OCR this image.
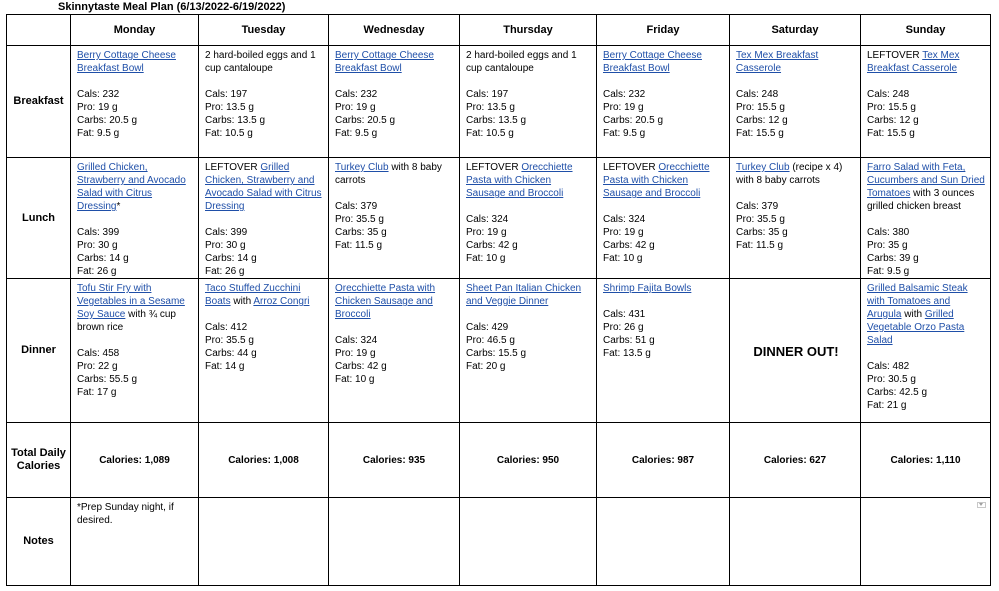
Skinnytaste Meal Plan (6/13/2022-6/19/2022)
	Monday	Tuesday	Wednesday	Thursday	Friday	Saturday	Sunday
Breakfast	Berry Cottage Cheese Breakfast Bowl
Cals: 232
Pro: 19 g
Carbs: 20.5 g
Fat: 9.5 g	2 hard-boiled eggs and 1 cup cantaloupe
Cals: 197
Pro: 13.5 g
Carbs: 13.5 g
Fat: 10.5 g	Berry Cottage Cheese Breakfast Bowl
Cals: 232
Pro: 19 g
Carbs: 20.5 g
Fat: 9.5 g	2 hard-boiled eggs and 1 cup cantaloupe
Cals: 197
Pro: 13.5 g
Carbs: 13.5 g
Fat: 10.5 g	Berry Cottage Cheese Breakfast Bowl
Cals: 232
Pro: 19 g
Carbs: 20.5 g
Fat: 9.5 g	Tex Mex Breakfast Casserole
Cals: 248
Pro: 15.5 g
Carbs: 12 g
Fat: 15.5 g	LEFTOVER Tex Mex Breakfast Casserole
Cals: 248
Pro: 15.5 g
Carbs: 12 g
Fat: 15.5 g

Lunch	Grilled Chicken, Strawberry and Avocado Salad with Citrus Dressing*
Cals: 399
Pro: 30 g
Carbs: 14 g
Fat: 26 g	LEFTOVER Grilled Chicken, Strawberry and Avocado Salad with Citrus Dressing
Cals: 399
Pro: 30 g
Carbs: 14 g
Fat: 26 g	Turkey Club with 8 baby carrots
Cals: 379
Pro: 35.5 g
Carbs: 35 g
Fat: 11.5 g	LEFTOVER Orecchiette Pasta with Chicken Sausage and Broccoli
Cals: 324
Pro: 19 g
Carbs: 42 g
Fat: 10 g	LEFTOVER Orecchiette Pasta with Chicken Sausage and Broccoli
Cals: 324
Pro: 19 g
Carbs: 42 g
Fat: 10 g	Turkey Club (recipe x 4) with 8 baby carrots
Cals: 379
Pro: 35.5 g
Carbs: 35 g
Fat: 11.5 g	Farro Salad with Feta, Cucumbers and Sun Dried Tomatoes with 3 ounces grilled chicken breast
Cals: 380
Pro: 35 g
Carbs: 39 g
Fat: 9.5 g

Dinner	Tofu Stir Fry with Vegetables in a Sesame Soy Sauce with ¾ cup brown rice
Cals: 458
Pro: 22 g
Carbs: 55.5 g
Fat: 17 g	Taco Stuffed Zucchini Boats with Arroz Congri
Cals: 412
Pro: 35.5 g
Carbs: 44 g
Fat: 14 g	Orecchiette Pasta with Chicken Sausage and Broccoli
Cals: 324
Pro: 19 g
Carbs: 42 g
Fat: 10 g	Sheet Pan Italian Chicken and Veggie Dinner
Cals: 429
Pro: 46.5 g
Carbs: 15.5 g
Fat: 20 g	Shrimp Fajita Bowls
Cals: 431
Pro: 26 g
Carbs: 51 g
Fat: 13.5 g	DINNER OUT!	Grilled Balsamic Steak with Tomatoes and Arugula with Grilled Vegetable Orzo Pasta Salad
Cals: 482
Pro: 30.5 g
Carbs: 42.5 g
Fat: 21 g

Total Daily Calories	Calories: 1,089	Calories: 1,008	Calories: 935	Calories: 950	Calories: 987	Calories: 627	Calories: 1,110
Notes	*Prep Sunday night, if desired.						
